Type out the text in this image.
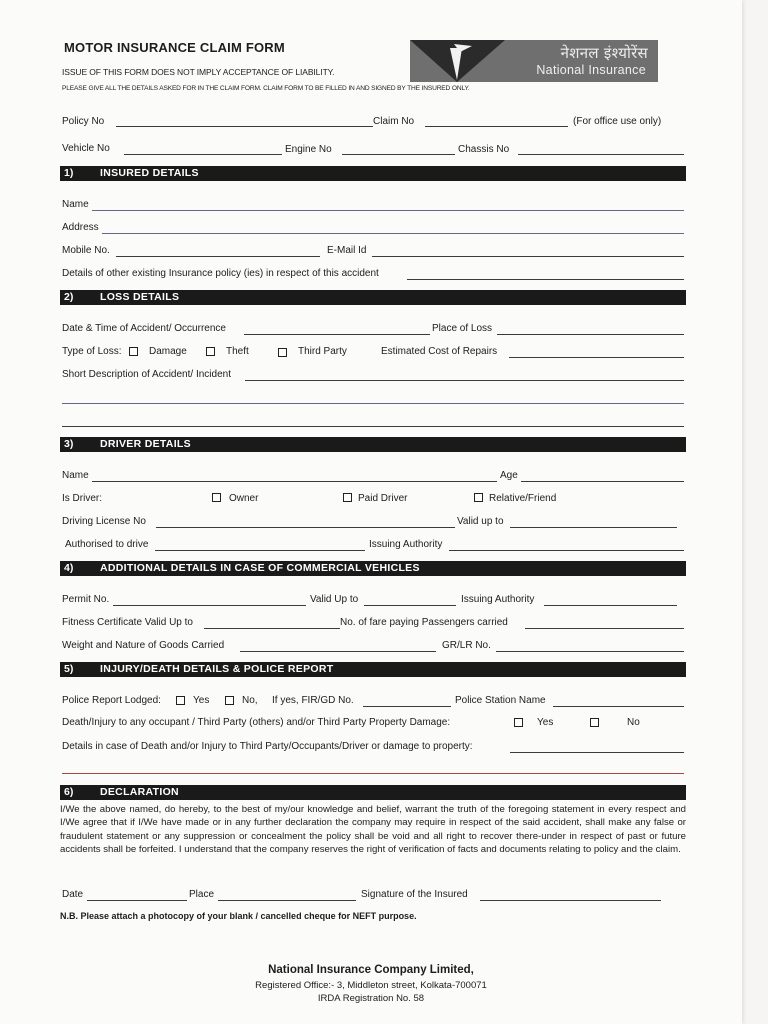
MOTOR INSURANCE CLAIM FORM
ISSUE OF THIS FORM DOES NOT IMPLY ACCEPTANCE OF LIABILITY.
PLEASE GIVE ALL THE DETAILS ASKED FOR IN THE CLAIM FORM. CLAIM FORM TO BE FILLED IN AND SIGNED BY THE INSURED ONLY.
नेशनल इंश्योरेंस
National Insurance
Policy No	Claim No	(For office use only)
Vehicle No	Engine No	Chassis No
1)	INSURED DETAILS
Name
Address
Mobile No.	E-Mail Id
Details of other existing Insurance policy (ies) in respect of this accident
2)	LOSS DETAILS
Date & Time of Accident/ Occurrence	Place of Loss
Type of Loss:	Damage	Theft	Third Party	Estimated Cost of Repairs
Short Description of Accident/ Incident
3)	DRIVER DETAILS
Name	Age
Is Driver:	Owner	Paid Driver	Relative/Friend
Driving License No	Valid up to
Authorised to drive	Issuing Authority
4)	ADDITIONAL DETAILS IN CASE OF COMMERCIAL VEHICLES
Permit No.	Valid Up to	Issuing Authority
Fitness Certificate Valid Up to	No. of fare paying Passengers carried
Weight and Nature of Goods Carried	GR/LR No.
5)	INJURY/DEATH DETAILS & POLICE REPORT
Police Report Lodged:	Yes	No, If yes, FIR/GD No.	Police Station Name
Death/Injury to any occupant / Third Party (others) and/or Third Party Property Damage:	Yes	No
Details in case of Death and/or Injury to Third Party/Occupants/Driver or damage to property:
6)	DECLARATION
I/We the above named, do hereby, to the best of my/our knowledge and belief, warrant the truth of the foregoing statement in every respect and I/We agree that if I/We have made or in any further declaration the company may require in respect of the said accident, shall make any false or fraudulent statement or any suppression or concealment the policy shall be void and all right to recover there-under in respect of past or future accidents shall be forfeited. I understand that the company reserves the right of verification of facts and documents relating to policy and the claim.
Date	Place	Signature of the Insured
N.B. Please attach a photocopy of your blank / cancelled cheque for NEFT purpose.
National Insurance Company Limited,
Registered Office:- 3, Middleton street, Kolkata-700071
IRDA Registration No. 58
